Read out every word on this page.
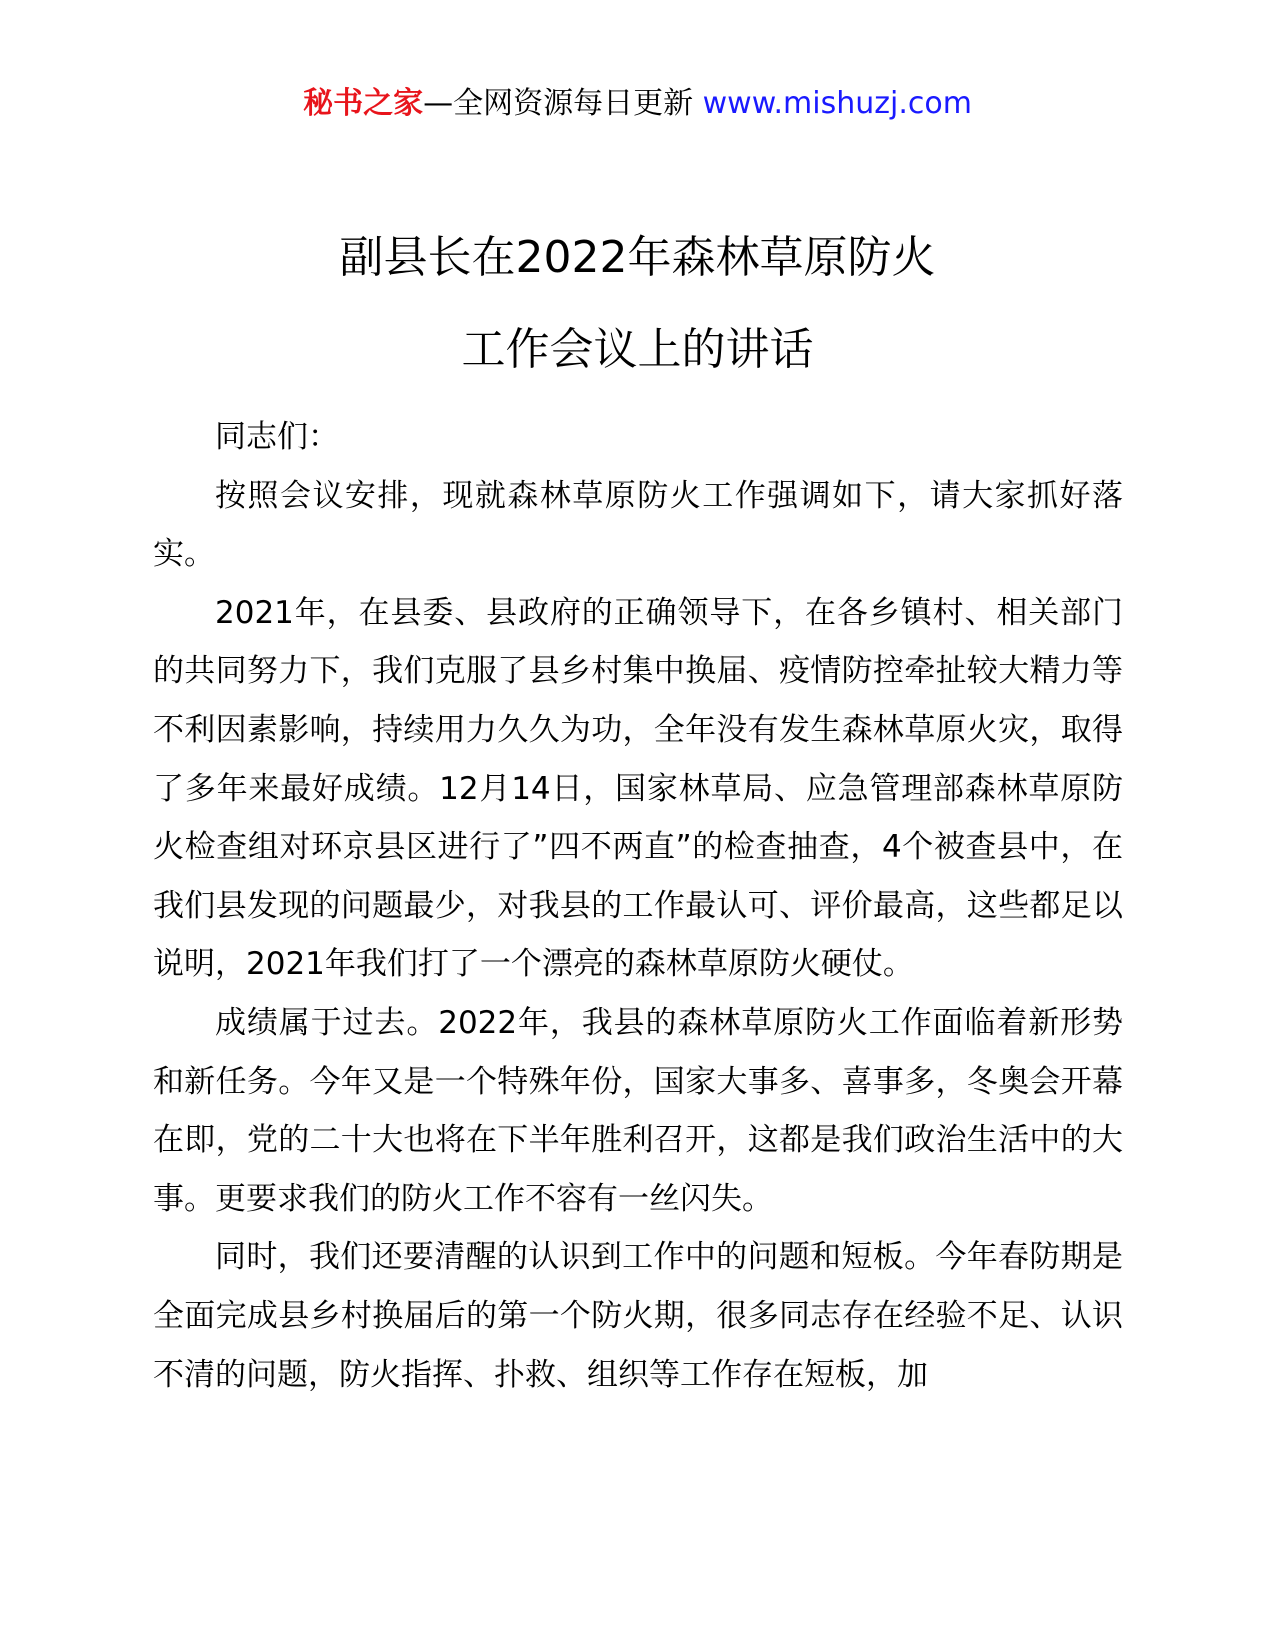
秘书之家—全网资源每日更新 www.mishuzj.com
副县长在2022年森林草原防火
工作会议上的讲话

同志们：

按照会议安排，现就森林草原防火工作强调如下，请大家抓好落实。

2021年，在县委、县政府的正确领导下，在各乡镇村、相关部门的共同努力下，我们克服了县乡村集中换届、疫情防控牵扯较大精力等不利因素影响，持续用力久久为功，全年没有发生森林草原火灾，取得了多年来最好成绩。12月14日，国家林草局、应急管理部森林草原防火检查组对环京县区进行了”四不两直”的检查抽查，4个被查县中，在我们县发现的问题最少，对我县的工作最认可、评价最高，这些都足以说明，2021年我们打了一个漂亮的森林草原防火硬仗。

成绩属于过去。2022年，我县的森林草原防火工作面临着新形势和新任务。今年又是一个特殊年份，国家大事多、喜事多，冬奥会开幕在即，党的二十大也将在下半年胜利召开，这都是我们政治生活中的大事。更要求我们的防火工作不容有一丝闪失。

同时，我们还要清醒的认识到工作中的问题和短板。今年春防期是全面完成县乡村换届后的第一个防火期，很多同志存在经验不足、认识不清的问题，防火指挥、扑救、组织等工作存在短板，加
